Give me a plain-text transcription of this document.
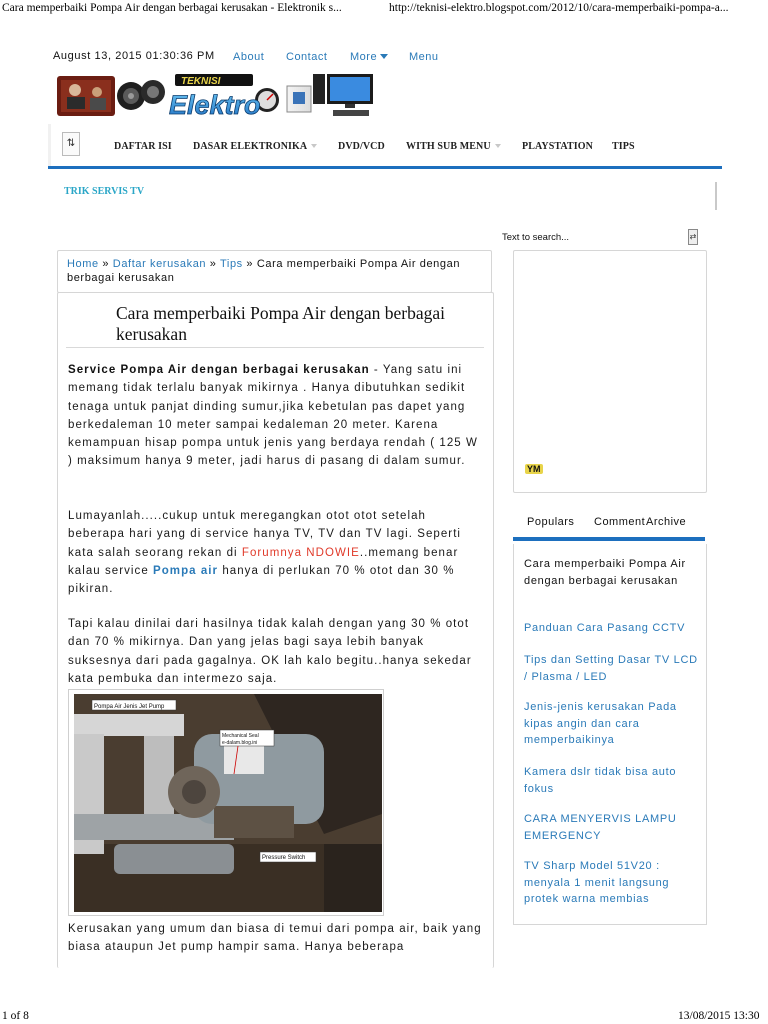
Cara memperbaiki Pompa Air dengan berbagai kerusakan - Elektronik s...	http://teknisi-elektro.blogspot.com/2012/10/cara-memperbaiki-pompa-a...
August 13, 2015 01:30:36 PM About Contact More	Menu
TEKNISI
Elektro
⇅	DAFTAR ISI DASAR ELEKTRONIKA	DVD/VCD WITH SUB MENU	PLAYSTATION TIPS
TRIK SERVIS TV
Text to search...	⇄
Home » Daftar kerusakan » Tips » Cara memperbaiki Pompa Air dengan berbagai kerusakan
Cara memperbaiki Pompa Air dengan berbagai kerusakan
Service Pompa Air dengan berbagai kerusakan - Yang satu ini memang tidak terlalu banyak mikirnya . Hanya dibutuhkan sedikit tenaga untuk panjat dinding sumur,jika kebetulan pas dapet yang berkedaleman 10 meter sampai kedaleman 20 meter. Karena kemampuan hisap pompa untuk jenis yang berdaya rendah ( 125 W ) maksimum hanya 9 meter, jadi harus di pasang di dalam sumur.
Lumayanlah.....cukup untuk meregangkan otot otot setelah beberapa hari yang di service hanya TV, TV dan TV lagi. Seperti kata salah seorang rekan di Forumnya NDOWIE..memang benar kalau service Pompa air hanya di perlukan 70 % otot dan 30 % pikiran.
Tapi kalau dinilai dari hasilnya tidak kalah dengan yang 30 % otot dan 70 % mikirnya. Dan yang jelas bagi saya lebih banyak suksesnya dari pada gagalnya. OK lah kalo begitu..hanya sekedar kata pembuka dan intermezo saja.
Pompa Air Jenis Jet Pump
Mechanical Seal
e-dalam.blog.ini
Pressure Switch
Kerusakan yang umum dan biasa di temui dari pompa air, baik yang biasa ataupun Jet pump hampir sama. Hanya beberapa
YM
Populars Comment Archive
Cara memperbaiki Pompa Air dengan berbagai kerusakan
Panduan Cara Pasang CCTV
Tips dan Setting Dasar TV LCD / Plasma / LED
Jenis-jenis kerusakan Pada kipas angin dan cara memperbaikinya
Kamera dslr tidak bisa auto fokus
CARA MENYERVIS LAMPU EMERGENCY
TV Sharp Model 51V20 : menyala 1 menit langsung protek warna membias
1 of 8	13/08/2015 13:30
